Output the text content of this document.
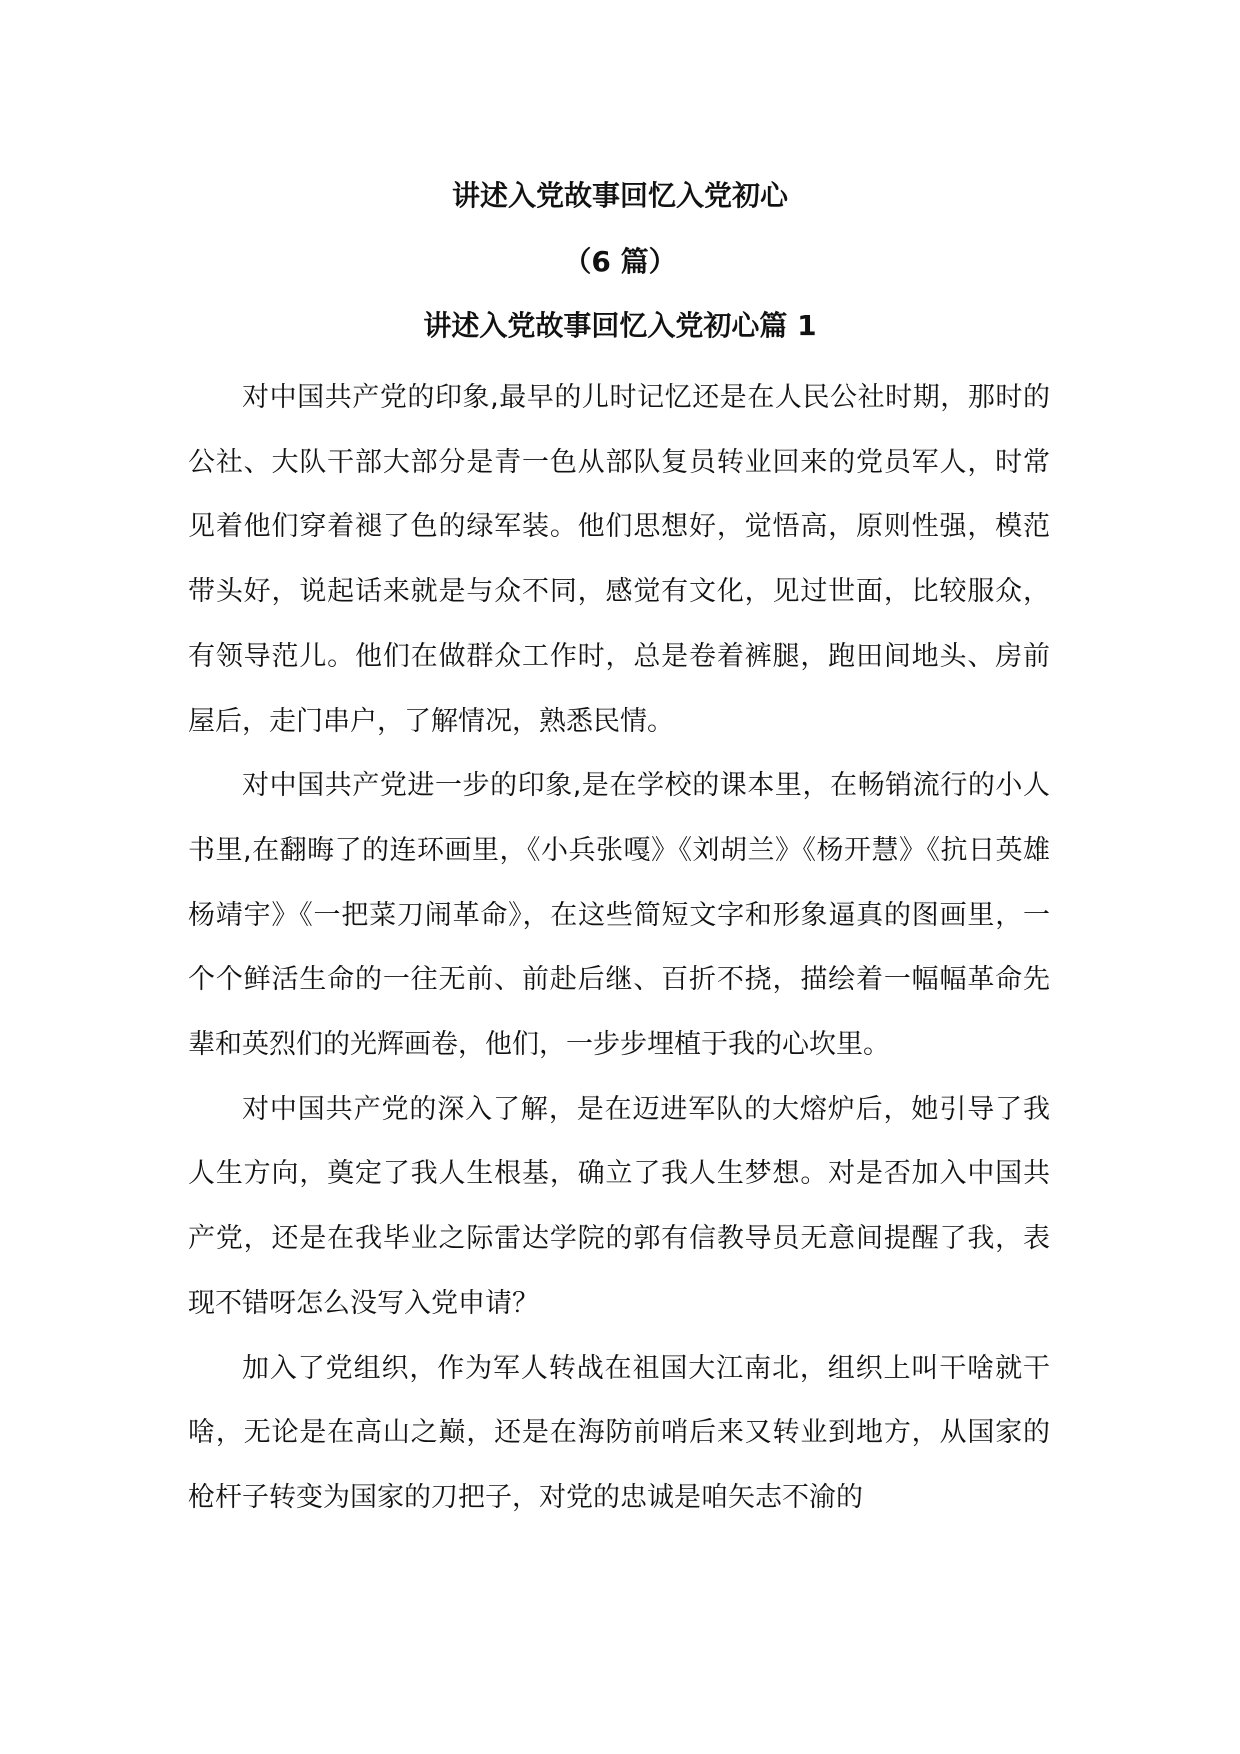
讲述入党故事回忆入党初心
（6 篇）
讲述入党故事回忆入党初心篇 1

对中国共产党的印象,最早的儿时记忆还是在人民公社时期，那时的公社、大队干部大部分是青一色从部队复员转业回来的党员军人，时常见着他们穿着褪了色的绿军装。他们思想好，觉悟高，原则性强，模范带头好，说起话来就是与众不同，感觉有文化，见过世面，比较服众，有领导范儿。他们在做群众工作时，总是卷着裤腿，跑田间地头、房前屋后，走门串户，了解情况，熟悉民情。

对中国共产党进一步的印象,是在学校的课本里，在畅销流行的小人书里,在翻晦了的连环画里，《小兵张嘎》《刘胡兰》《杨开慧》《抗日英雄杨靖宇》《一把菜刀闹革命》，在这些简短文字和形象逼真的图画里，一个个鲜活生命的一往无前、前赴后继、百折不挠，描绘着一幅幅革命先辈和英烈们的光辉画卷，他们，一步步埋植于我的心坎里。

对中国共产党的深入了解，是在迈进军队的大熔炉后，她引导了我人生方向，奠定了我人生根基，确立了我人生梦想。对是否加入中国共产党，还是在我毕业之际雷达学院的郭有信教导员无意间提醒了我，表现不错呀怎么没写入党申请？

加入了党组织，作为军人转战在祖国大江南北，组织上叫干啥就干啥，无论是在高山之巅，还是在海防前哨后来又转业到地方，从国家的枪杆子转变为国家的刀把子，对党的忠诚是咱矢志不渝的
